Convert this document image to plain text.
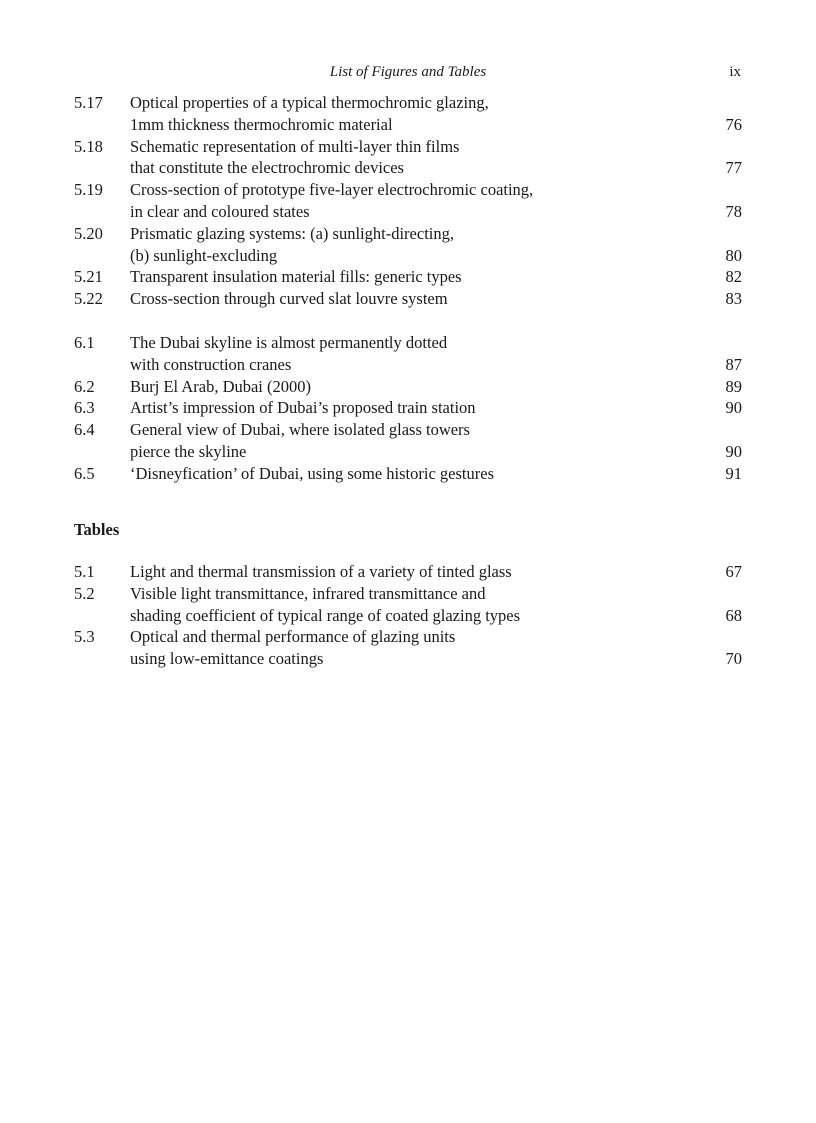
List of Figures and Tables	ix
5.17	Optical properties of a typical thermochromic glazing,
1mm thickness thermochromic material	76
5.18	Schematic representation of multi-layer thin films
that constitute the electrochromic devices	77
5.19	Cross-section of prototype five-layer electrochromic coating,
in clear and coloured states	78
5.20	Prismatic glazing systems: (a) sunlight-directing,
(b) sunlight-excluding	80
5.21	Transparent insulation material fills: generic types	82
5.22	Cross-section through curved slat louvre system	83
6.1	The Dubai skyline is almost permanently dotted
with construction cranes	87
6.2	Burj El Arab, Dubai (2000)	89
6.3	Artist’s impression of Dubai’s proposed train station	90
6.4	General view of Dubai, where isolated glass towers
pierce the skyline	90
6.5	‘Disneyfication’ of Dubai, using some historic gestures	91
Tables
5.1	Light and thermal transmission of a variety of tinted glass	67
5.2	Visible light transmittance, infrared transmittance and
shading coefficient of typical range of coated glazing types	68
5.3	Optical and thermal performance of glazing units
using low-emittance coatings	70
